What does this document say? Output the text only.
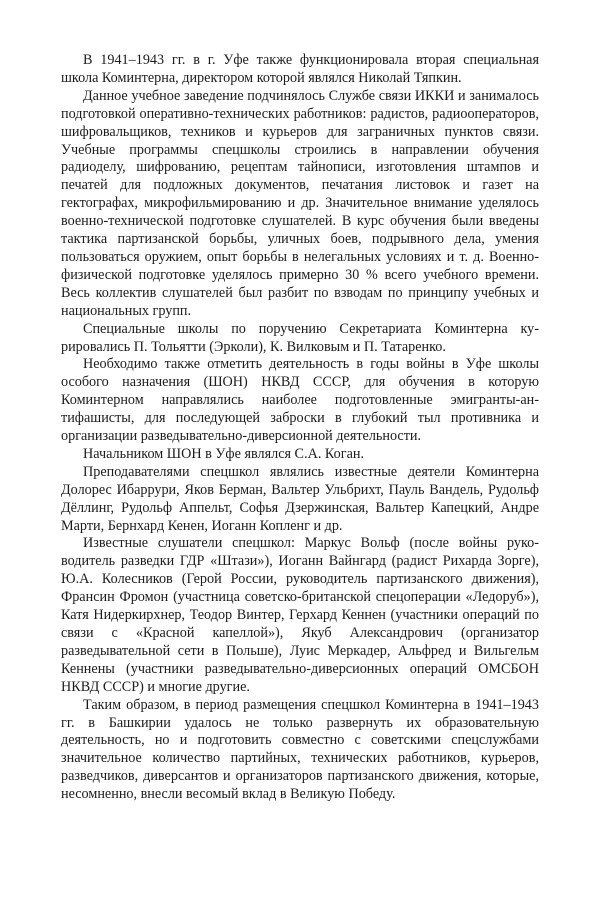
В 1941–1943 гг. в г. Уфе также функционировала вторая специальная школа Коминтерна, директором которой являлся Николай Тяпкин.

Данное учебное заведение подчинялось Службе связи ИККИ и занималось подготовкой оперативно-технических работников: радистов, радиооператоров, шифровальщиков, техников и курьеров для заграничных пунктов связи. Учебные программы спецшколы строились в направлении обучения радиоделу, шифрованию, рецептам тайнописи, изготовления штампов и печатей для подложных документов, печатания листовок и газет на гектографах, микрофильмированию и др. Значительное внимание уделялось военно-технической подготовке слушателей. В курс обучения были введены тактика партизанской борьбы, уличных боев, подрывного дела, умения пользоваться оружием, опыт борьбы в нелегальных условиях и т. д. Военно-физической подготовке уделялось примерно 30 % всего учебного времени. Весь коллектив слушателей был разбит по взводам по принципу учебных и национальных групп.

Специальные школы по поручению Секретариата Коминтерна курировались П. Тольятти (Эрколи), К. Вилковым и П. Татаренко.

Необходимо также отметить деятельность в годы войны в Уфе школы особого назначения (ШОН) НКВД СССР, для обучения в которую Коминтерном направлялись наиболее подготовленные эмигранты-антифашисты, для последующей заброски в глубокий тыл противника и организации разведывательно-диверсионной деятельности.

Начальником ШОН в Уфе являлся С.А. Коган.

Преподавателями спецшкол являлись известные деятели Коминтерна Долорес Ибаррури, Яков Берман, Вальтер Ульбрихт, Пауль Вандель, Рудольф Дёллинг, Рудольф Аппельт, Софья Дзержинская, Вальтер Капецкий, Андре Марти, Бернхард Кенен, Иоганн Копленг и др.

Известные слушатели спецшкол: Маркус Вольф (после войны руководитель разведки ГДР «Штази»), Иоганн Вайнгард (радист Рихарда Зорге), Ю.А. Колесников (Герой России, руководитель партизанского движения), Франсин Фромон (участница советско-британской спецоперации «Ледоруб»), Катя Нидеркирхнер, Теодор Винтер, Герхард Кеннен (участники операций по связи с «Красной капеллой»), Якуб Александрович (организатор разведывательной сети в Польше), Луис Меркадер, Альфред и Вильгельм Кеннены (участники разведывательно-диверсионных операций ОМСБОН НКВД СССР) и многие другие.

Таким образом, в период размещения спецшкол Коминтерна в 1941–1943 гг. в Башкирии удалось не только развернуть их образовательную деятельность, но и подготовить совместно с советскими спецслужбами значительное количество партийных, технических работников, курьеров, разведчиков, диверсантов и организаторов партизанского движения, которые, несомненно, внесли весомый вклад в Великую Победу.
